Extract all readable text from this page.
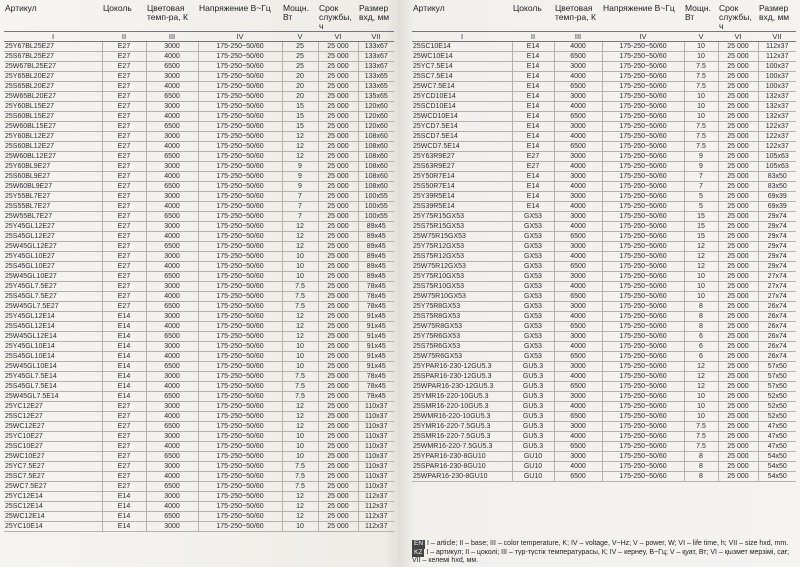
Артикул	Цоколь	Цветовая темп-ра, К	Напряжение В~Гц	Мощн. Вт	Срок службы, ч	Размер вхд, мм
I	II	III	IV	V	VI	VII
25Y67BL25E27	E27	3000	175-250~50/60	25	25 000	133x67
25S67BL25E27	E27	4000	175-250~50/60	25	25 000	133x67
25W67BL25E27	E27	6500	175-250~50/60	25	25 000	133x67
25Y65BL20E27	E27	3000	175-250~50/60	20	25 000	133x65
25S65BL20E27	E27	4000	175-250~50/60	20	25 000	133x65
25W65BL20E27	E27	6500	175-250~50/60	20	25 000	135x65
25Y60BL15E27	E27	3000	175-250~50/60	15	25 000	120x60
25S60BL15E27	E27	4000	175-250~50/60	15	25 000	120x60
25W60BL15E27	E27	6500	175-250~50/60	15	25 000	120x60
25Y60BL12E27	E27	3000	175-250~50/60	12	25 000	108x60
25S60BL12E27	E27	4000	175-250~50/60	12	25 000	108x60
25W60BL12E27	E27	6500	175-250~50/60	12	25 000	108x60
25Y60BL9E27	E27	3000	175-250~50/60	9	25 000	108x60
25S60BL9E27	E27	4000	175-250~50/60	9	25 000	108x60
25W60BL9E27	E27	6500	175-250~50/60	9	25 000	108x60
25Y55BL7E27	E27	3000	175-250~50/60	7	25 000	100x55
25S55BL7E27	E27	4000	175-250~50/60	7	25 000	100x55
25W55BL7E27	E27	6500	175-250~50/60	7	25 000	100x55
25Y45GL12E27	E27	3000	175-250~50/60	12	25 000	89x45
25S45GL12E27	E27	4000	175-250~50/60	12	25 000	89x45
25W45GL12E27	E27	6500	175-250~50/60	12	25 000	89x45
25Y45GL10E27	E27	3000	175-250~50/60	10	25 000	89x45
25S45GL10E27	E27	4000	175-250~50/60	10	25 000	89x45
25W45GL10E27	E27	6500	175-250~50/60	10	25 000	89x45
25Y45GL7.5E27	E27	3000	175-250~50/60	7.5	25 000	78x45
25S45GL7.5E27	E27	4000	175-250~50/60	7.5	25 000	78x45
25W45GL7.5E27	E27	6500	175-250~50/60	7.5	25 000	78x45
25Y45GL12E14	E14	3000	175-250~50/60	12	25 000	91x45
25S45GL12E14	E14	4000	175-250~50/60	12	25 000	91x45
25W45GL12E14	E14	6500	175-250~50/60	12	25 000	91x45
25Y45GL10E14	E14	3000	175-250~50/60	10	25 000	91x45
25S45GL10E14	E14	4000	175-250~50/60	10	25 000	91x45
25W45GL10E14	E14	6500	175-250~50/60	10	25 000	91x45
25Y45GL7.5E14	E14	3000	175-250~50/60	7.5	25 000	78x45
25S45GL7.5E14	E14	4000	175-250~50/60	7.5	25 000	78x45
25W45GL7.5E14	E14	6500	175-250~50/60	7.5	25 000	78x45
25YC12E27	E27	3000	175-250~50/60	12	25 000	110x37
25SC12E27	E27	4000	175-250~50/60	12	25 000	110x37
25WC12E27	E27	6500	175-250~50/60	12	25 000	110x37
25YC10E27	E27	3000	175-250~50/60	10	25 000	110x37
25SC10E27	E27	4000	175-250~50/60	10	25 000	110x37
25WC10E27	E27	6500	175-250~50/60	10	25 000	110x37
25YC7.5E27	E27	3000	175-250~50/60	7.5	25 000	110x37
25SC7.5E27	E27	4000	175-250~50/60	7.5	25 000	110x37
25WC7.5E27	E27	6500	175-250~50/60	7.5	25 000	110x37
25YC12E14	E14	3000	175-250~50/60	12	25 000	112x37
25SC12E14	E14	4000	175-250~50/60	12	25 000	112x37
25WC12E14	E14	6500	175-250~50/60	12	25 000	112x37
25YC10E14	E14	3000	175-250~50/60	10	25 000	112x37
Артикул	Цоколь	Цветовая темп-ра, К	Напряжение В~Гц	Мощн. Вт	Срок службы, ч	Размер вхд, мм
I	II	III	IV	V	VI	VII
25SC10E14	E14	4000	175-250~50/60	10	25 000	112x37
25WC10E14	E14	6500	175-250~50/60	10	25 000	112x37
25YC7.5E14	E14	3000	175-250~50/60	7.5	25 000	100x37
25SC7.5E14	E14	4000	175-250~50/60	7.5	25 000	100x37
25WC7.5E14	E14	6500	175-250~50/60	7.5	25 000	100x37
25YCD10E14	E14	3000	175-250~50/60	10	25 000	132x37
25SCD10E14	E14	4000	175-250~50/60	10	25 000	132x37
25WCD10E14	E14	6500	175-250~50/60	10	25 000	132x37
25YCD7.5E14	E14	3000	175-250~50/60	7.5	25 000	122x37
25SCD7.5E14	E14	4000	175-250~50/60	7.5	25 000	122x37
25WCD7.5E14	E14	6500	175-250~50/60	7.5	25 000	122x37
25Y63R9E27	E27	3000	175-250~50/60	9	25 000	105x63
25S63R9E27	E27	4000	175-250~50/60	9	25 000	105x63
25Y50R7E14	E14	3000	175-250~50/60	7	25 000	83x50
25S50R7E14	E14	4000	175-250~50/60	7	25 000	83x50
25Y39R5E14	E14	3000	175-250~50/60	5	25 000	69x39
25S39R5E14	E14	4000	175-250~50/60	5	25 000	69x39
25Y75R15GX53	GX53	3000	175-250~50/60	15	25 000	29x74
25S75R15GX53	GX53	4000	175-250~50/60	15	25 000	29x74
25W75R15GX53	GX53	6500	175-250~50/60	15	25 000	29x74
25Y75R12GX53	GX53	3000	175-250~50/60	12	25 000	29x74
25S75R12GX53	GX53	4000	175-250~50/60	12	25 000	29x74
25W75R12GX53	GX53	6500	175-250~50/60	12	25 000	29x74
25Y75R10GX53	GX53	3000	175-250~50/60	10	25 000	27x74
25S75R10GX53	GX53	4000	175-250~50/60	10	25 000	27x74
25W75R10GX53	GX53	6500	175-250~50/60	10	25 000	27x74
25Y75R8GX53	GX53	3000	175-250~50/60	8	25 000	26x74
25S75R8GX53	GX53	4000	175-250~50/60	8	25 000	26x74
25W75R8GX53	GX53	6500	175-250~50/60	8	25 000	26x74
25Y75R6GX53	GX53	3000	175-250~50/60	6	25 000	26x74
25S75R6GX53	GX53	4000	175-250~50/60	6	25 000	26x74
25W75R6GX53	GX53	6500	175-250~50/60	6	25 000	26x74
25YPAR16-230-12GU5.3	GU5.3	3000	175-250~50/60	12	25 000	57x50
25SPAR16-230-12GU5.3	GU5.3	4000	175-250~50/60	12	25 000	57x50
25WPAR16-230-12GU5.3	GU5.3	6500	175-250~50/60	12	25 000	57x50
25YMR16-220-10GU5.3	GU5.3	3000	175-250~50/60	10	25 000	52x50
25SMR16-220-10GU5.3	GU5.3	4000	175-250~50/60	10	25 000	52x50
25WMR16-220-10GU5.3	GU5.3	6500	175-250~50/60	10	25 000	52x50
25YMR16-220-7.5GU5.3	GU5.3	3000	175-250~50/60	7.5	25 000	47x50
25SMR16-220-7.5GU5.3	GU5.3	4000	175-250~50/60	7.5	25 000	47x50
25WMR16-220-7.5GU5.3	GU5.3	6500	175-250~50/60	7.5	25 000	47x50
25YPAR16-230-8GU10	GU10	3000	175-250~50/60	8	25 000	54x50
25SPAR16-230-8GU10	GU10	4000	175-250~50/60	8	25 000	54x50
25WPAR16-230-8GU10	GU10	6500	175-250~50/60	8	25 000	54x50
EN I – article; II – base; III – color temperature, K; IV – voltage, V~Hz; V – power, W; VI – life time, h; VII – size hxd, mm.
KZ I – артикул; II – цоколі; III – түр-түстік температурасы, К; IV – кернеу, В~Гц; V – қуат, Вт; VI – қызмет мерзімі, сағ; VII – келемі hxd, мм.
